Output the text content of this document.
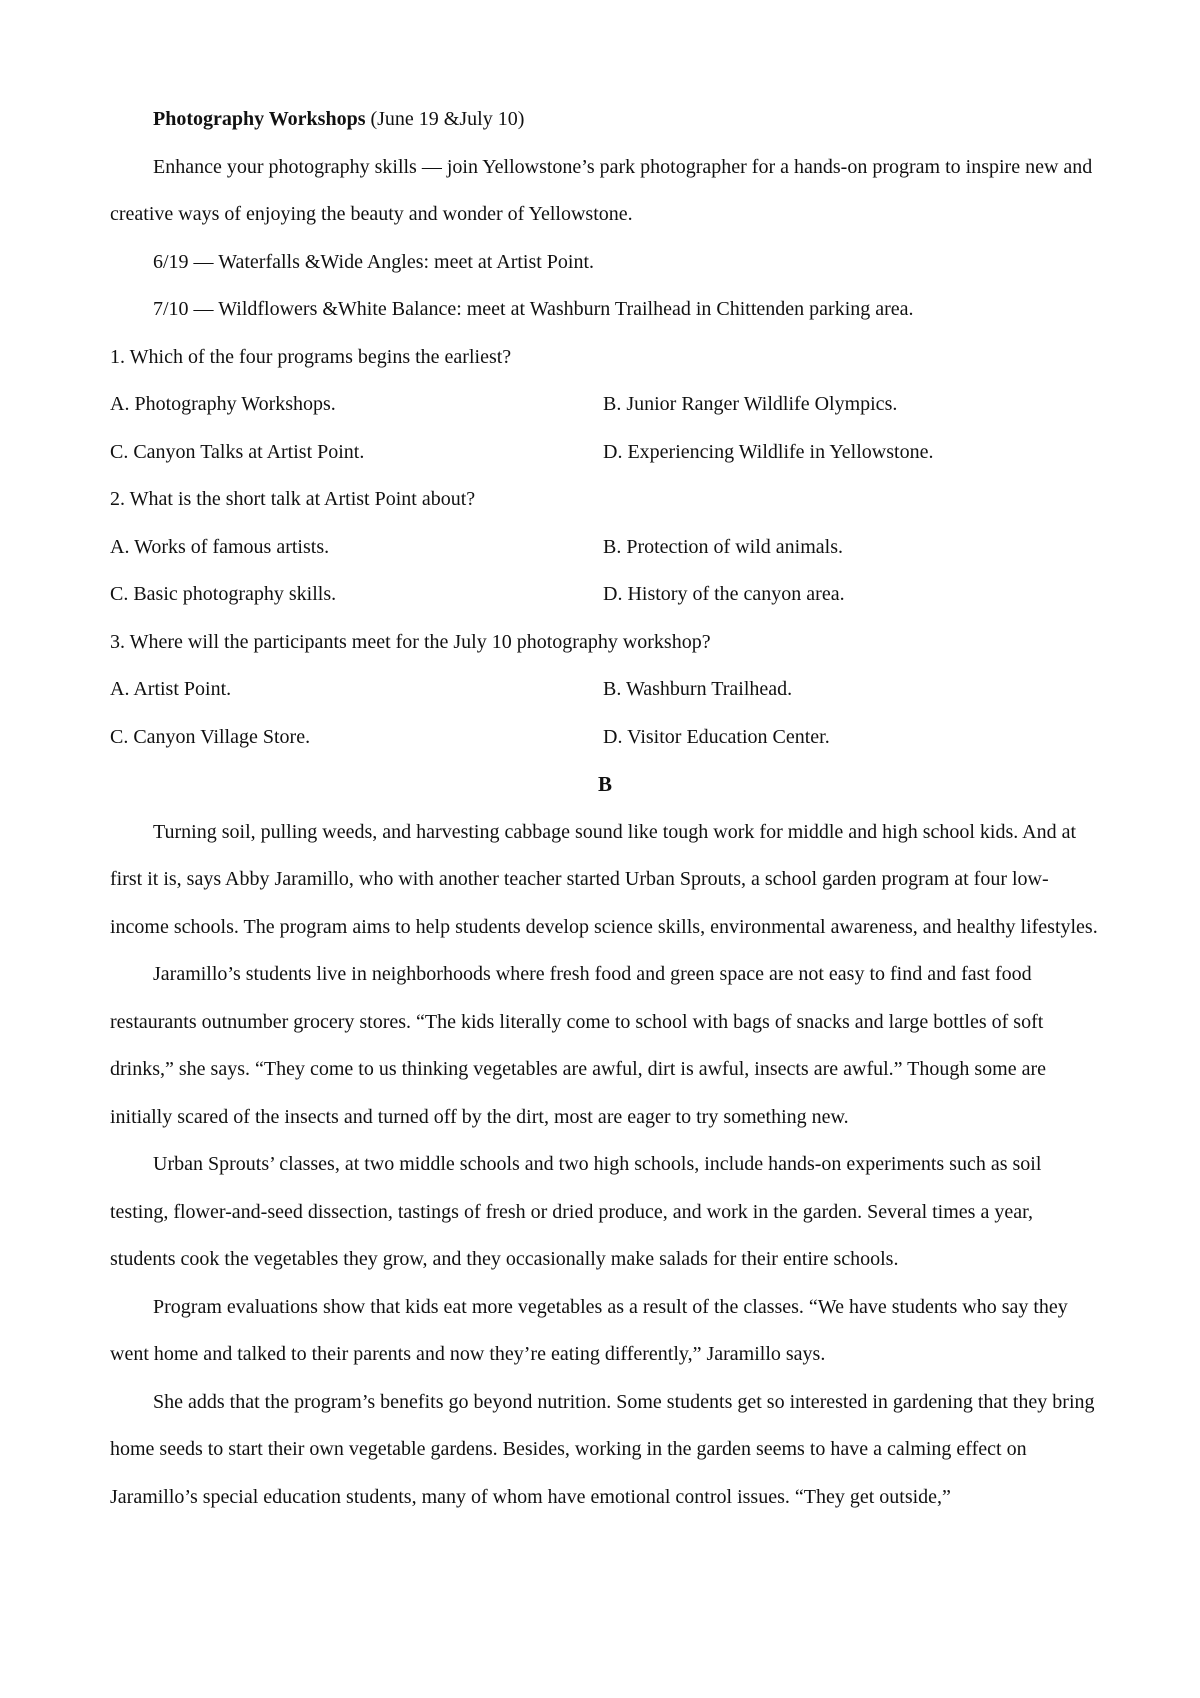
Photography Workshops (June 19 &July 10)

Enhance your photography skills — join Yellowstone’s park photographer for a hands-on program to inspire new and creative ways of enjoying the beauty and wonder of Yellowstone.

6/19 — Waterfalls &Wide Angles: meet at Artist Point.

7/10 — Wildflowers &White Balance: meet at Washburn Trailhead in Chittenden parking area.

1. Which of the four programs begins the earliest?

A. Photography Workshops.	B. Junior Ranger Wildlife Olympics.

C. Canyon Talks at Artist Point.	D. Experiencing Wildlife in Yellowstone.

2. What is the short talk at Artist Point about?

A. Works of famous artists.	B. Protection of wild animals.

C. Basic photography skills.	D. History of the canyon area.

3. Where will the participants meet for the July 10 photography workshop?

A. Artist Point.	B. Washburn Trailhead.

C. Canyon Village Store.	D. Visitor Education Center.

B

Turning soil, pulling weeds, and harvesting cabbage sound like tough work for middle and high school kids. And at first it is, says Abby Jaramillo, who with another teacher started Urban Sprouts, a school garden program at four low-income schools. The program aims to help students develop science skills, environmental awareness, and healthy lifestyles.

Jaramillo’s students live in neighborhoods where fresh food and green space are not easy to find and fast food restaurants outnumber grocery stores. “The kids literally come to school with bags of snacks and large bottles of soft drinks,” she says. “They come to us thinking vegetables are awful, dirt is awful, insects are awful.” Though some are initially scared of the insects and turned off by the dirt, most are eager to try something new.

Urban Sprouts’ classes, at two middle schools and two high schools, include hands-on experiments such as soil testing, flower-and-seed dissection, tastings of fresh or dried produce, and work in the garden. Several times a year, students cook the vegetables they grow, and they occasionally make salads for their entire schools.

Program evaluations show that kids eat more vegetables as a result of the classes. “We have students who say they went home and talked to their parents and now they’re eating differently,” Jaramillo says.

She adds that the program’s benefits go beyond nutrition. Some students get so interested in gardening that they bring home seeds to start their own vegetable gardens. Besides, working in the garden seems to have a calming effect on Jaramillo’s special education students, many of whom have emotional control issues. “They get outside,”
